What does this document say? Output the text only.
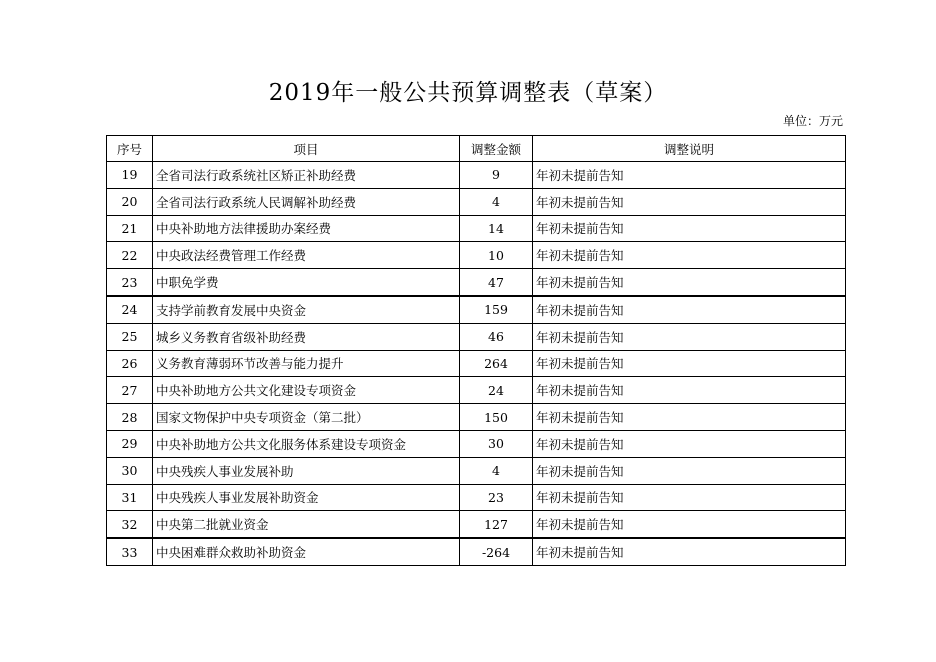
2019年一般公共预算调整表（草案）
单位：万元
序号	项目	调整金额	调整说明
19	全省司法行政系统社区矫正补助经费	9	年初未提前告知
20	全省司法行政系统人民调解补助经费	4	年初未提前告知
21	中央补助地方法律援助办案经费	14	年初未提前告知
22	中央政法经费管理工作经费	10	年初未提前告知
23	中职免学费	47	年初未提前告知
24	支持学前教育发展中央资金	159	年初未提前告知
25	城乡义务教育省级补助经费	46	年初未提前告知
26	义务教育薄弱环节改善与能力提升	264	年初未提前告知
27	中央补助地方公共文化建设专项资金	24	年初未提前告知
28	国家文物保护中央专项资金（第二批）	150	年初未提前告知
29	中央补助地方公共文化服务体系建设专项资金	30	年初未提前告知
30	中央残疾人事业发展补助	4	年初未提前告知
31	中央残疾人事业发展补助资金	23	年初未提前告知
32	中央第二批就业资金	127	年初未提前告知
33	中央困难群众救助补助资金	-264	年初未提前告知
